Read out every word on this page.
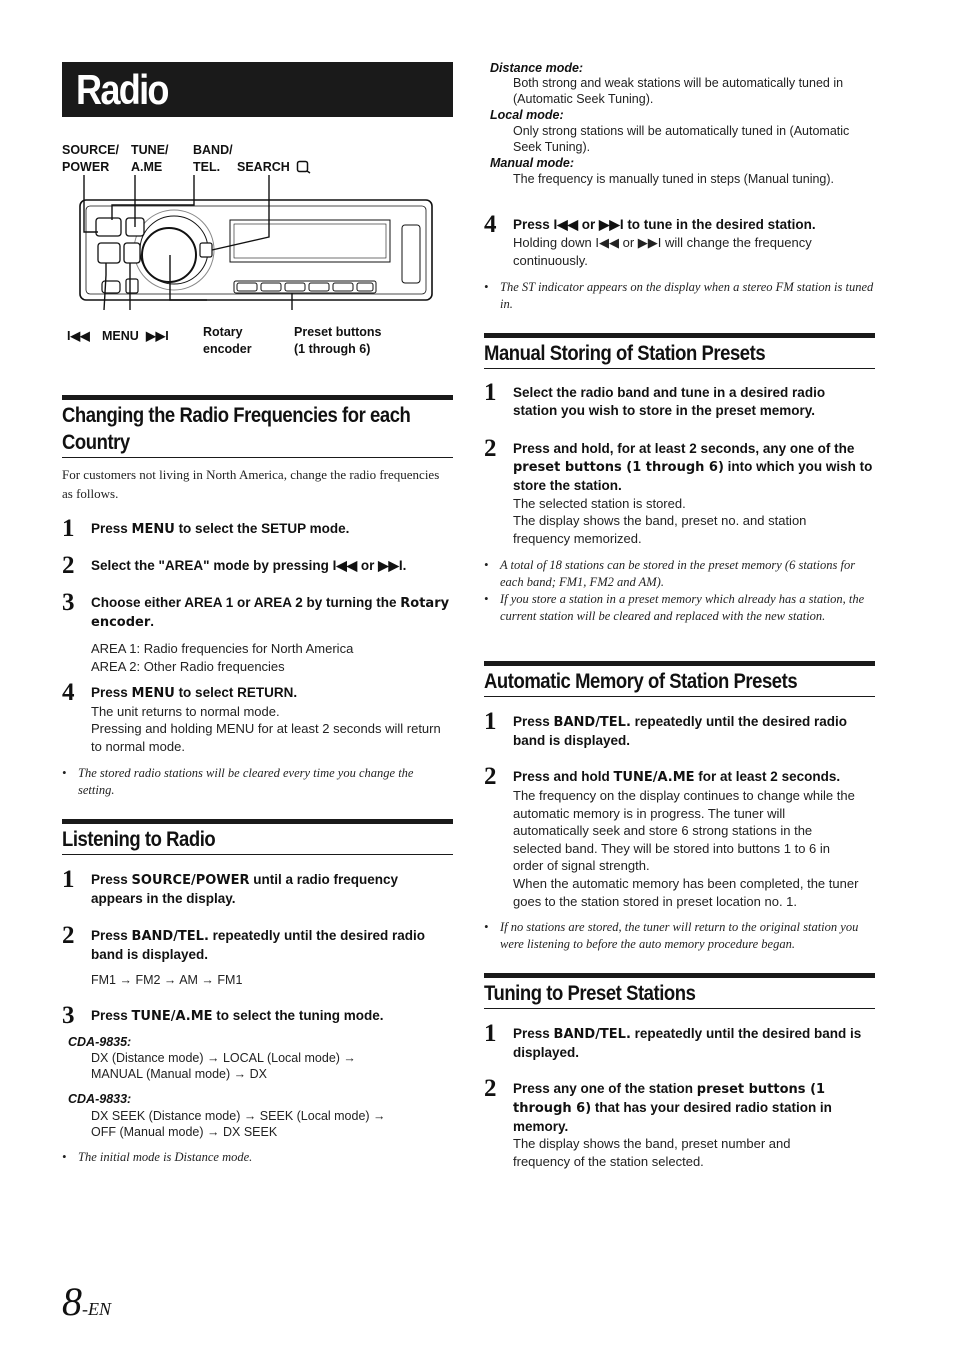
Radio
SOURCE/ POWER
TUNE/ A.ME
BAND/ TEL.	SEARCH
I◀◀ MENU ▶▶I	Rotary encoder
Preset buttons (1 through 6)
Changing the Radio Frequencies for each Country
For customers not living in North America, change the radio frequencies as follows.
1 Press MENU to select the SETUP mode.
2 Select the "AREA" mode by pressing I◀◀ or ▶▶I.
3 Choose either AREA 1 or AREA 2 by turning the Rotary encoder.
AREA 1: Radio frequencies for North America
AREA 2: Other Radio frequencies
4 Press MENU to select RETURN.
The unit returns to normal mode.
Pressing and holding MENU for at least 2 seconds will return to normal mode.
• The stored radio stations will be cleared every time you change the setting.
Listening to Radio
1 Press SOURCE/POWER until a radio frequency appears in the display.
2 Press BAND/TEL. repeatedly until the desired radio band is displayed.
FM1 → FM2 → AM → FM1
3 Press TUNE/A.ME to select the tuning mode.
CDA-9835:
DX (Distance mode) → LOCAL (Local mode) → MANUAL (Manual mode) → DX
CDA-9833:
DX SEEK (Distance mode) → SEEK (Local mode) → OFF (Manual mode) → DX SEEK
• The initial mode is Distance mode.
Distance mode:
Both strong and weak stations will be automatically tuned in (Automatic Seek Tuning).
Local mode:
Only strong stations will be automatically tuned in (Automatic Seek Tuning).
Manual mode:
The frequency is manually tuned in steps (Manual tuning).
4 Press I◀◀ or ▶▶I to tune in the desired station.
Holding down I◀◀ or ▶▶I will change the frequency continuously.
• The ST indicator appears on the display when a stereo FM station is tuned in.
Manual Storing of Station Presets
1 Select the radio band and tune in a desired radio station you wish to store in the preset memory.
2 Press and hold, for at least 2 seconds, any one of the preset buttons (1 through 6) into which you wish to store the station.
The selected station is stored.
The display shows the band, preset no. and station frequency memorized.
• A total of 18 stations can be stored in the preset memory (6 stations for each band; FM1, FM2 and AM).
• If you store a station in a preset memory which already has a station, the current station will be cleared and replaced with the new station.
Automatic Memory of Station Presets
1 Press BAND/TEL. repeatedly until the desired radio band is displayed.
2 Press and hold TUNE/A.ME for at least 2 seconds.
The frequency on the display continues to change while the automatic memory is in progress. The tuner will automatically seek and store 6 strong stations in the selected band. They will be stored into buttons 1 to 6 in order of signal strength.
When the automatic memory has been completed, the tuner goes to the station stored in preset location no. 1.
• If no stations are stored, the tuner will return to the original station you were listening to before the auto memory procedure began.
Tuning to Preset Stations
1 Press BAND/TEL. repeatedly until the desired band is displayed.
2 Press any one of the station preset buttons (1 through 6) that has your desired radio station in memory.
The display shows the band, preset number and frequency of the station selected.
8-EN
